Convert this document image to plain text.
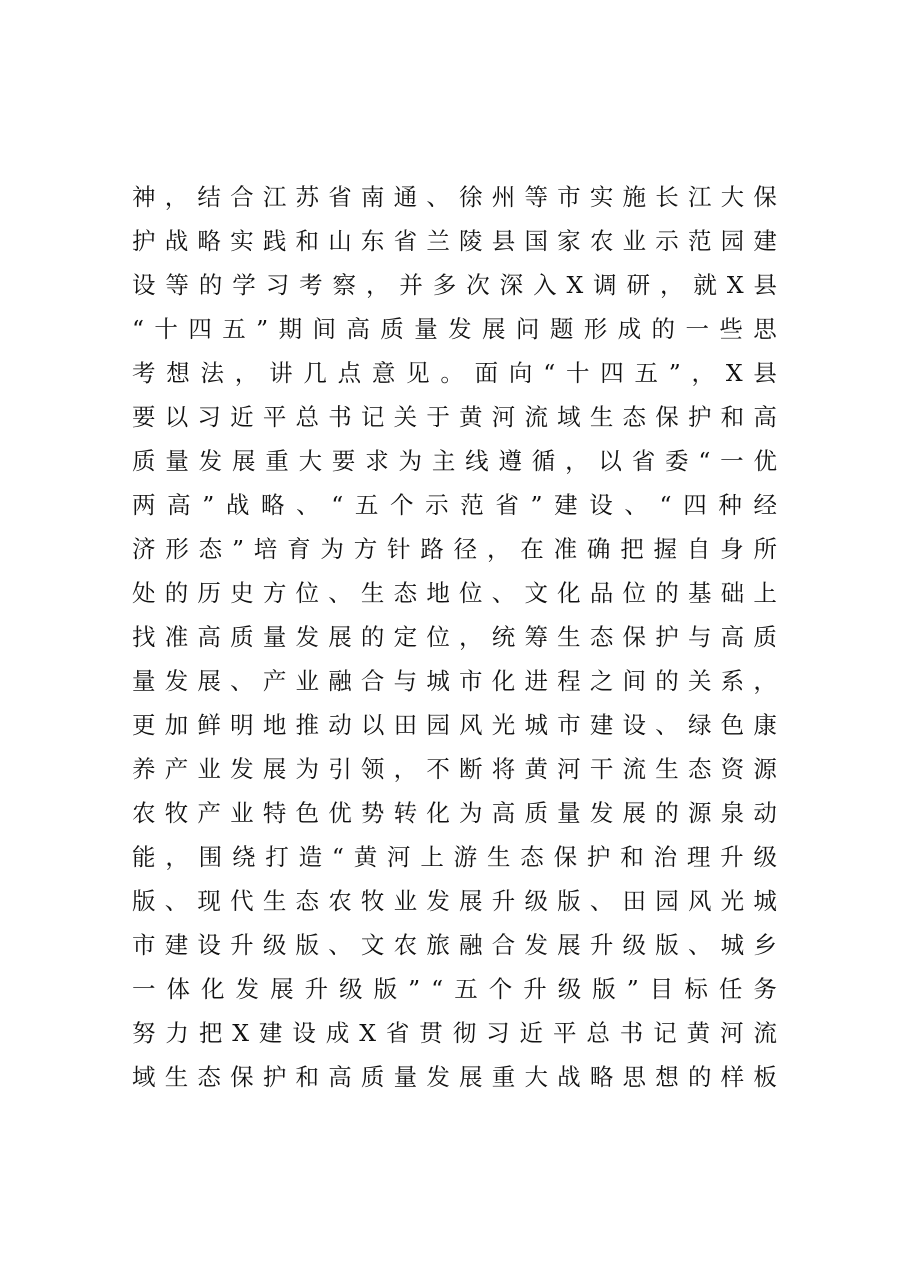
神 ， 结 合 江 苏 省 南 通 、 徐 州 等 市 实 施 长 江 大 保
护 战 略 实 践 和 山 东 省 兰 陵 县 国 家 农 业 示 范 园 建
设 等 的 学 习 考 察 ， 并 多 次 深 入 X 调 研 ， 就 X 县
“ 十 四 五 ” 期 间 高 质 量 发 展 问 题 形 成 的 一 些 思
考 想 法 ， 讲 几 点 意 见 。 面 向 “ 十 四 五 ” ， X 县
要 以 习 近 平 总 书 记 关 于 黄 河 流 域 生 态 保 护 和 高
质 量 发 展 重 大 要 求 为 主 线 遵 循 ， 以 省 委 “ 一 优
两 高 ” 战 略 、 “ 五 个 示 范 省 ” 建 设 、 “ 四 种 经
济 形 态 ” 培 育 为 方 针 路 径 ， 在 准 确 把 握 自 身 所
处 的 历 史 方 位 、 生 态 地 位 、 文 化 品 位 的 基 础 上
找 准 高 质 量 发 展 的 定 位 ， 统 筹 生 态 保 护 与 高 质
量 发 展 、 产 业 融 合 与 城 市 化 进 程 之 间 的 关 系 ，
更 加 鲜 明 地 推 动 以 田 园 风 光 城 市 建 设 、 绿 色 康
养 产 业 发 展 为 引 领 ， 不 断 将 黄 河 干 流 生 态 资 源
农 牧 产 业 特 色 优 势 转 化 为 高 质 量 发 展 的 源 泉 动
能 ， 围 绕 打 造 “ 黄 河 上 游 生 态 保 护 和 治 理 升 级
版 、 现 代 生 态 农 牧 业 发 展 升 级 版 、 田 园 风 光 城
市 建 设 升 级 版 、 文 农 旅 融 合 发 展 升 级 版 、 城 乡
一 体 化 发 展 升 级 版 ” “ 五 个 升 级 版 ” 目 标 任 务
努 力 把 X 建 设 成 X 省 贯 彻 习 近 平 总 书 记 黄 河 流
域 生 态 保 护 和 高 质 量 发 展 重 大 战 略 思 想 的 样 板
